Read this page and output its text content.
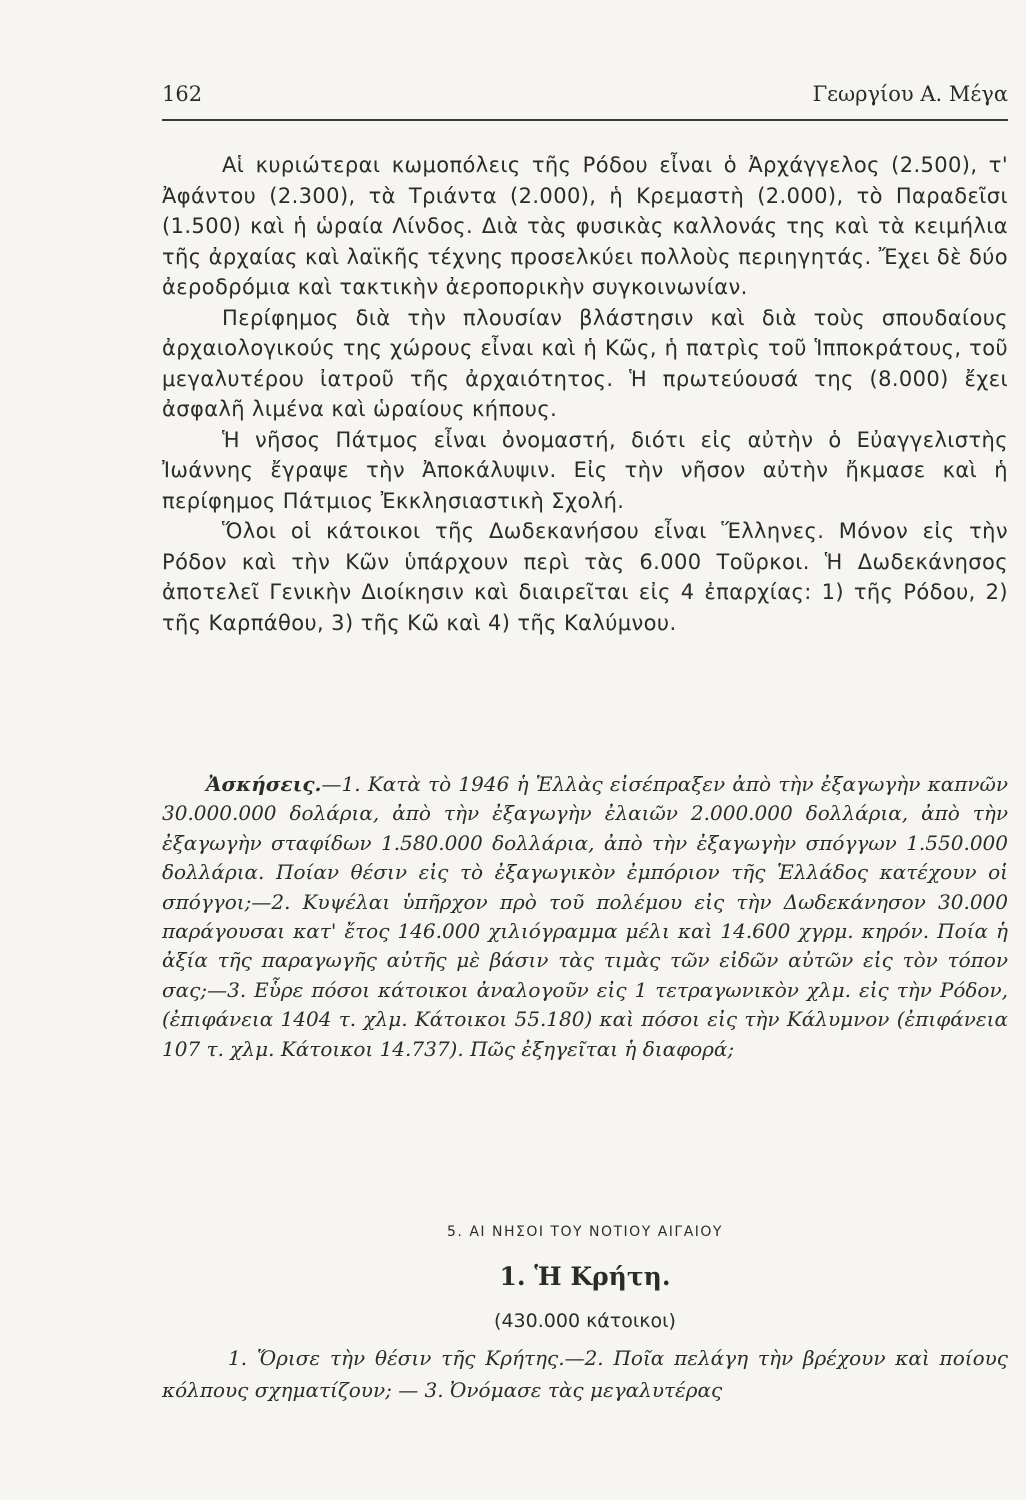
162	Γεωργίου Α. Μέγα

Αἱ κυριώτεραι κωμοπόλεις τῆς Ρόδου εἶναι ὁ Ἀρχάγγελος (2.500), τ' Ἀφάντου (2.300), τὰ Τριάντα (2.000), ἡ Κρεμαστὴ (2.000), τὸ Παραδεῖσι (1.500) καὶ ἡ ὡραία Λίνδος. Διὰ τὰς φυσικὰς καλλονάς της καὶ τὰ κειμήλια τῆς ἀρχαίας καὶ λαϊκῆς τέχνης προσελκύει πολλοὺς περιηγητάς. Ἔχει δὲ δύο ἀεροδρόμια καὶ τακτικὴν ἀεροπορικὴν συγκοινωνίαν.

Περίφημος διὰ τὴν πλουσίαν βλάστησιν καὶ διὰ τοὺς σπουδαίους ἀρχαιολογικούς της χώρους εἶναι καὶ ἡ Κῶς, ἡ πατρὶς τοῦ Ἱπποκράτους, τοῦ μεγαλυτέρου ἰατροῦ τῆς ἀρχαιότητος. Ἡ πρωτεύουσά της (8.000) ἔχει ἀσφαλῆ λιμένα καὶ ὡραίους κήπους.

Ἡ νῆσος Πάτμος εἶναι ὀνομαστή, διότι εἰς αὐτὴν ὁ Εὐαγγελιστὴς Ἰωάννης ἔγραψε τὴν Ἀποκάλυψιν. Εἰς τὴν νῆσον αὐτὴν ἤκμασε καὶ ἡ περίφημος Πάτμιος Ἐκκλησιαστικὴ Σχολή.

Ὅλοι οἱ κάτοικοι τῆς Δωδεκανήσου εἶναι Ἕλληνες. Μόνον εἰς τὴν Ρόδον καὶ τὴν Κῶν ὑπάρχουν περὶ τὰς 6.000 Τοῦρκοι. Ἡ Δωδεκάνησος ἀποτελεῖ Γενικὴν Διοίκησιν καὶ διαιρεῖται εἰς 4 ἐπαρχίας: 1) τῆς Ρόδου, 2) τῆς Καρπάθου, 3) τῆς Κῶ καὶ 4) τῆς Καλύμνου.

Ἀσκήσεις.—1. Κατὰ τὸ 1946 ἡ Ἑλλὰς εἰσέπραξεν ἀπὸ τὴν ἐξαγωγὴν καπνῶν 30.000.000 δολάρια, ἀπὸ τὴν ἐξαγωγὴν ἐλαιῶν 2.000.000 δολλάρια, ἀπὸ τὴν ἐξαγωγὴν σταφίδων 1.580.000 δολλάρια, ἀπὸ τὴν ἐξαγωγὴν σπόγγων 1.550.000 δολλάρια. Ποίαν θέσιν εἰς τὸ ἐξαγωγικὸν ἐμπόριον τῆς Ἑλλάδος κατέχουν οἱ σπόγγοι;—2. Κυψέλαι ὑπῆρχον πρὸ τοῦ πολέμου εἰς τὴν Δωδεκάνησον 30.000 παράγουσαι κατ' ἔτος 146.000 χιλιόγραμμα μέλι καὶ 14.600 χγρμ. κηρόν. Ποία ἡ ἀξία τῆς παραγωγῆς αὐτῆς μὲ βάσιν τὰς τιμὰς τῶν εἰδῶν αὐτῶν εἰς τὸν τόπον σας;—3. Εὗρε πόσοι κάτοικοι ἀναλογοῦν εἰς 1 τετραγωνικὸν χλμ. εἰς τὴν Ρόδον, (ἐπιφάνεια 1404 τ. χλμ. Κάτοικοι 55.180) καὶ πόσοι εἰς τὴν Κάλυμνον (ἐπιφάνεια 107 τ. χλμ. Κάτοικοι 14.737). Πῶς ἐξηγεῖται ἡ διαφορά;

5. ΑΙ ΝΗΣΟΙ ΤΟΥ ΝΟΤΙΟΥ ΑΙΓΑΙΟΥ
1. Ἡ Κρήτη.
(430.000 κάτοικοι)

1. Ὅρισε τὴν θέσιν τῆς Κρήτης.—2. Ποῖα πελάγη τὴν βρέχουν καὶ ποίους κόλπους σχηματίζουν; — 3. Ὀνόμασε τὰς μεγαλυτέρας
